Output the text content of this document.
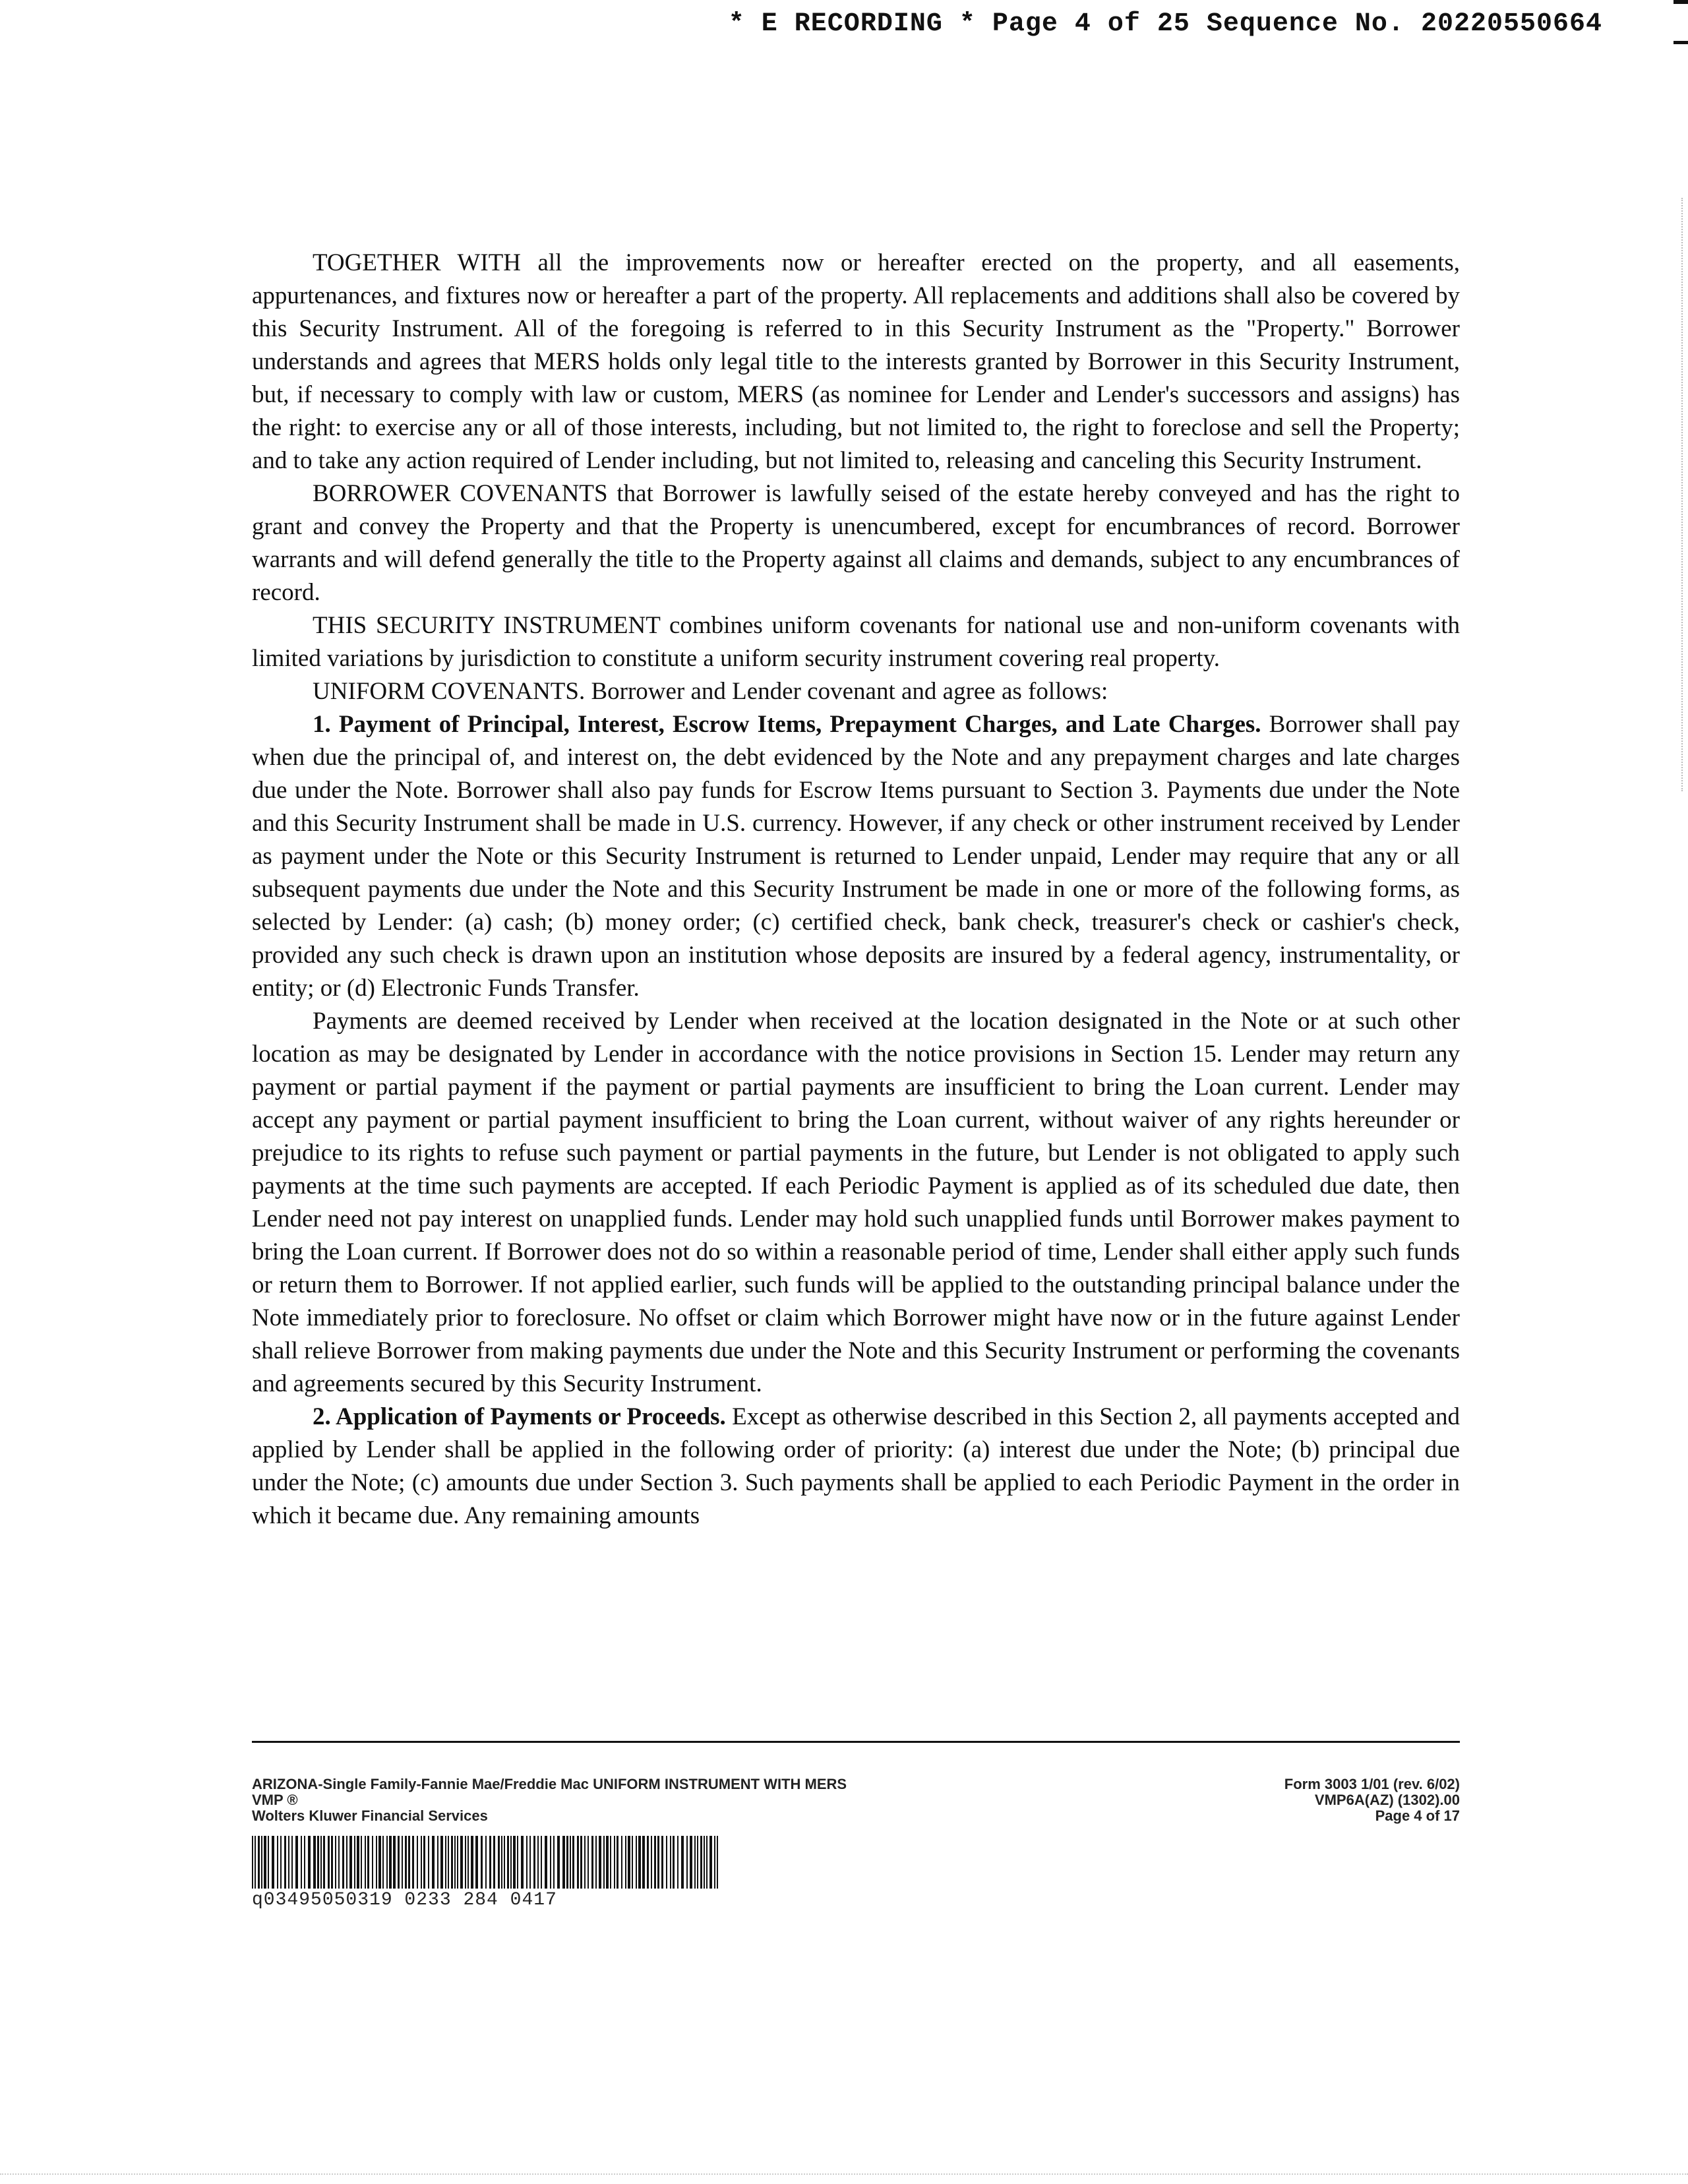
* E RECORDING * Page 4 of 25 Sequence No. 20220550664

TOGETHER WITH all the improvements now or hereafter erected on the property, and all easements, appurtenances, and fixtures now or hereafter a part of the property. All replacements and additions shall also be covered by this Security Instrument. All of the foregoing is referred to in this Security Instrument as the "Property." Borrower understands and agrees that MERS holds only legal title to the interests granted by Borrower in this Security Instrument, but, if necessary to comply with law or custom, MERS (as nominee for Lender and Lender's successors and assigns) has the right: to exercise any or all of those interests, including, but not limited to, the right to foreclose and sell the Property; and to take any action required of Lender including, but not limited to, releasing and canceling this Security Instrument.

BORROWER COVENANTS that Borrower is lawfully seised of the estate hereby conveyed and has the right to grant and convey the Property and that the Property is unencumbered, except for encumbrances of record. Borrower warrants and will defend generally the title to the Property against all claims and demands, subject to any encumbrances of record.

THIS SECURITY INSTRUMENT combines uniform covenants for national use and non-uniform covenants with limited variations by jurisdiction to constitute a uniform security instrument covering real property.

UNIFORM COVENANTS. Borrower and Lender covenant and agree as follows:

1. Payment of Principal, Interest, Escrow Items, Prepayment Charges, and Late Charges. Borrower shall pay when due the principal of, and interest on, the debt evidenced by the Note and any prepayment charges and late charges due under the Note. Borrower shall also pay funds for Escrow Items pursuant to Section 3. Payments due under the Note and this Security Instrument shall be made in U.S. currency. However, if any check or other instrument received by Lender as payment under the Note or this Security Instrument is returned to Lender unpaid, Lender may require that any or all subsequent payments due under the Note and this Security Instrument be made in one or more of the following forms, as selected by Lender: (a) cash; (b) money order; (c) certified check, bank check, treasurer's check or cashier's check, provided any such check is drawn upon an institution whose deposits are insured by a federal agency, instrumentality, or entity; or (d) Electronic Funds Transfer.

Payments are deemed received by Lender when received at the location designated in the Note or at such other location as may be designated by Lender in accordance with the notice provisions in Section 15. Lender may return any payment or partial payment if the payment or partial payments are insufficient to bring the Loan current. Lender may accept any payment or partial payment insufficient to bring the Loan current, without waiver of any rights hereunder or prejudice to its rights to refuse such payment or partial payments in the future, but Lender is not obligated to apply such payments at the time such payments are accepted. If each Periodic Payment is applied as of its scheduled due date, then Lender need not pay interest on unapplied funds. Lender may hold such unapplied funds until Borrower makes payment to bring the Loan current. If Borrower does not do so within a reasonable period of time, Lender shall either apply such funds or return them to Borrower. If not applied earlier, such funds will be applied to the outstanding principal balance under the Note immediately prior to foreclosure. No offset or claim which Borrower might have now or in the future against Lender shall relieve Borrower from making payments due under the Note and this Security Instrument or performing the covenants and agreements secured by this Security Instrument.

2. Application of Payments or Proceeds. Except as otherwise described in this Section 2, all payments accepted and applied by Lender shall be applied in the following order of priority: (a) interest due under the Note; (b) principal due under the Note; (c) amounts due under Section 3. Such payments shall be applied to each Periodic Payment in the order in which it became due. Any remaining amounts

ARIZONA-Single Family-Fannie Mae/Freddie Mac UNIFORM INSTRUMENT WITH MERS
VMP ®
Wolters Kluwer Financial Services
Form 3003 1/01 (rev. 6/02)
VMP6A(AZ) (1302).00
Page 4 of 17
q03495050319 0233 284 0417
